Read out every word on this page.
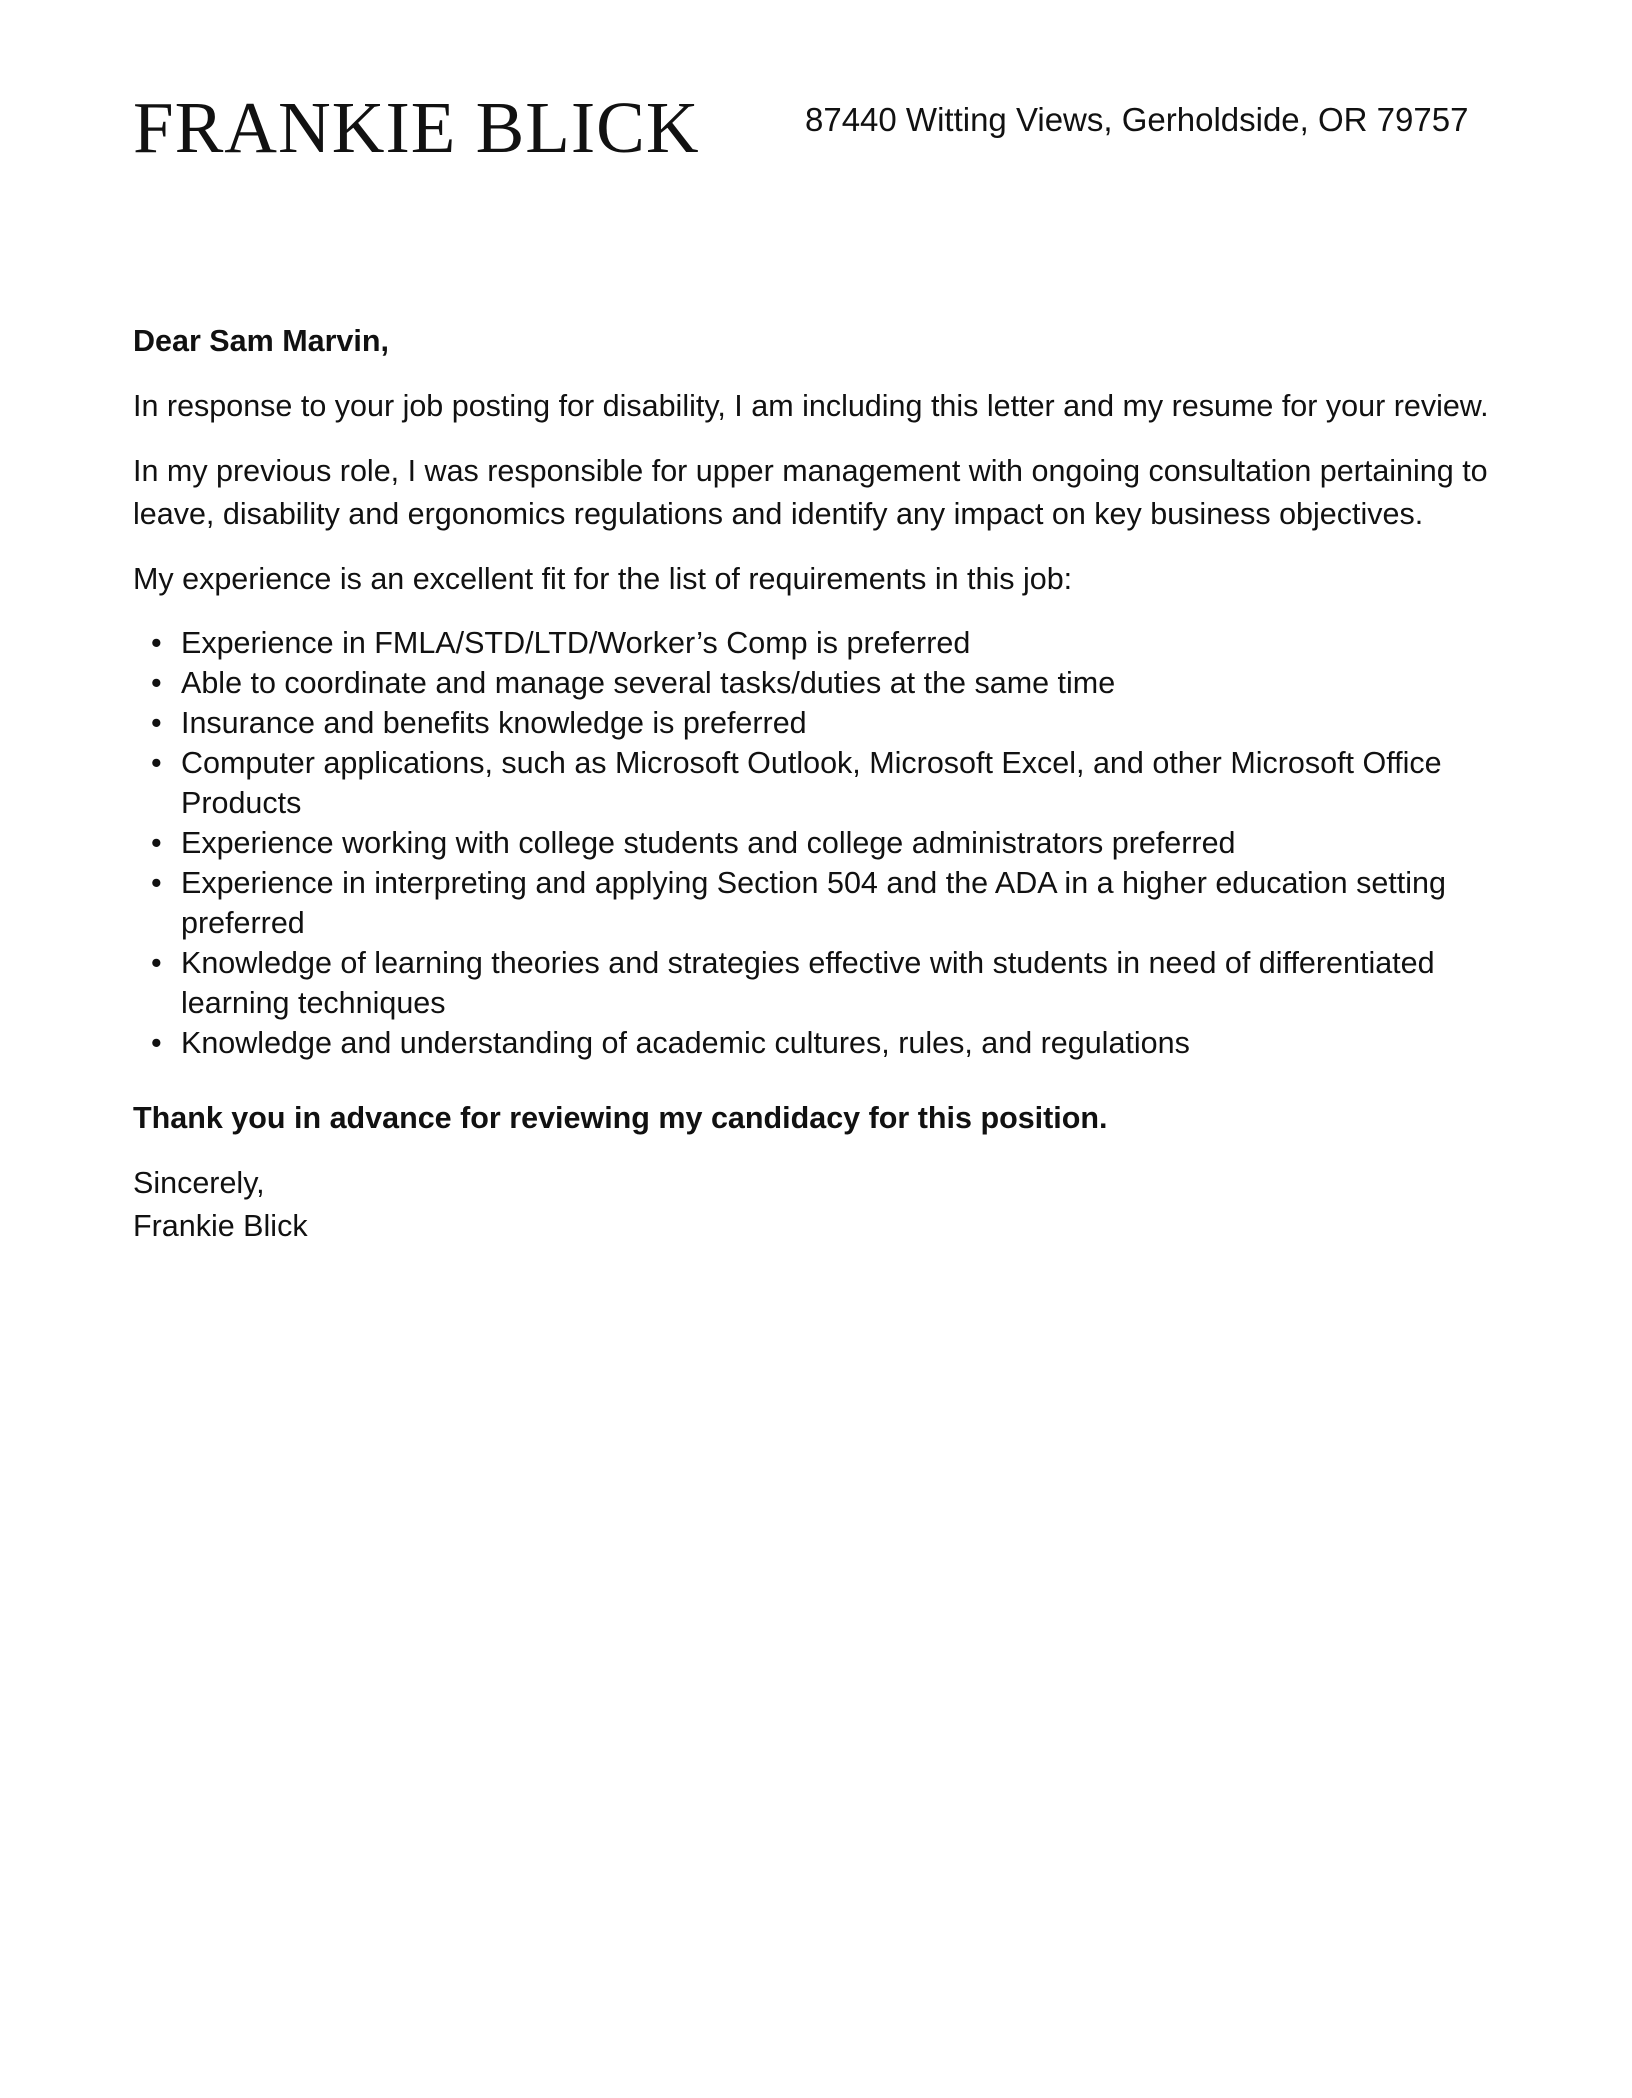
FRANKIE BLICK	87440 Witting Views, Gerholdside, OR 79757

Dear Sam Marvin,

In response to your job posting for disability, I am including this letter and my resume for your review.

In my previous role, I was responsible for upper management with ongoing consultation pertaining to leave, disability and ergonomics regulations and identify any impact on key business objectives.

My experience is an excellent fit for the list of requirements in this job:

• Experience in FMLA/STD/LTD/Worker’s Comp is preferred
• Able to coordinate and manage several tasks/duties at the same time
• Insurance and benefits knowledge is preferred
• Computer applications, such as Microsoft Outlook, Microsoft Excel, and other Microsoft Office Products
• Experience working with college students and college administrators preferred
• Experience in interpreting and applying Section 504 and the ADA in a higher education setting preferred
• Knowledge of learning theories and strategies effective with students in need of differentiated learning techniques
• Knowledge and understanding of academic cultures, rules, and regulations

Thank you in advance for reviewing my candidacy for this position.

Sincerely,
Frankie Blick
